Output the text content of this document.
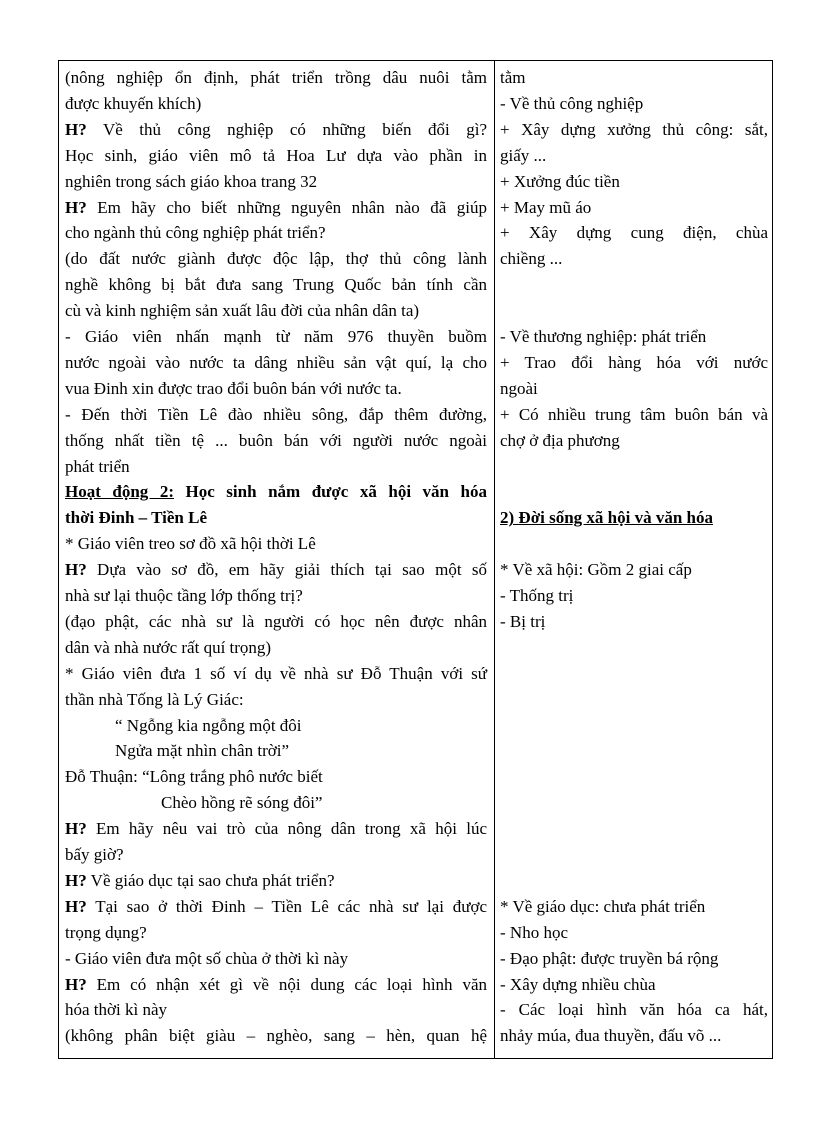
(nông nghiệp ổn định, phát triển trồng dâu nuôi tằm
được khuyến khích)
H? Về thủ công nghiệp có những biến đổi gì?
Học sinh, giáo viên mô tả Hoa Lư dựa vào phần in
nghiên trong sách giáo khoa trang 32
H? Em hãy cho biết những nguyên nhân nào đã giúp
cho ngành thủ công nghiệp phát triển?
(do đất nước giành được độc lập, thợ thủ công lành
nghề không bị bắt đưa sang Trung Quốc bản tính cần
cù và kinh nghiệm sản xuất lâu đời của nhân dân ta)
- Giáo viên nhấn mạnh từ năm 976 thuyền buồm
nước ngoài vào nước ta dâng nhiều sản vật quí, lạ cho
vua Đinh xin được trao đổi buôn bán với nước ta.
- Đến thời Tiền Lê đào nhiều sông, đắp thêm đường,
thống nhất tiền tệ ... buôn bán với người nước ngoài
phát triển
Hoạt động 2: Học sinh nắm được xã hội văn hóa
thời Đinh – Tiền Lê
* Giáo viên treo sơ đồ xã hội thời Lê
H? Dựa vào sơ đồ, em hãy giải thích tại sao một số
nhà sư lại thuộc tầng lớp thống trị?
(đạo phật, các nhà sư là người có học nên được nhân
dân và nhà nước rất quí trọng)
* Giáo viên đưa 1 số ví dụ về nhà sư Đỗ Thuận với sứ
thần nhà Tống là Lý Giác:
“ Ngỗng kia ngỗng một đôi
Ngửa mặt nhìn chân trời”
Đỗ Thuận: “Lông trắng phô nước biết
Chèo hồng rẽ sóng đôi”
H? Em hãy nêu vai trò của nông dân trong xã hội lúc
bấy giờ?
H? Về giáo dục tại sao chưa phát triển?
H? Tại sao ở thời Đinh – Tiền Lê các nhà sư lại được
trọng dụng?
- Giáo viên đưa một số chùa ở thời kì này
H? Em có nhận xét gì về nội dung các loại hình văn
hóa thời kì này
(không phân biệt giàu – nghèo, sang – hèn, quan hệ
tằm
- Về thủ công nghiệp
+ Xây dựng xưởng thủ công: sắt,
giấy ...
+ Xưởng đúc tiền
+ May mũ áo
+ Xây dựng cung điện, chùa
chiềng ...
- Về thương nghiệp: phát triển
+ Trao đổi hàng hóa với nước
ngoài
+ Có nhiều trung tâm buôn bán và
chợ ở địa phương
2) Đời sống xã hội và văn hóa
* Về xã hội: Gồm 2 giai cấp
- Thống trị
- Bị trị
* Về giáo dục: chưa phát triển
- Nho học
- Đạo phật: được truyền bá rộng
- Xây dựng nhiều chùa
- Các loại hình văn hóa ca hát,
nhảy múa, đua thuyền, đấu võ ...
